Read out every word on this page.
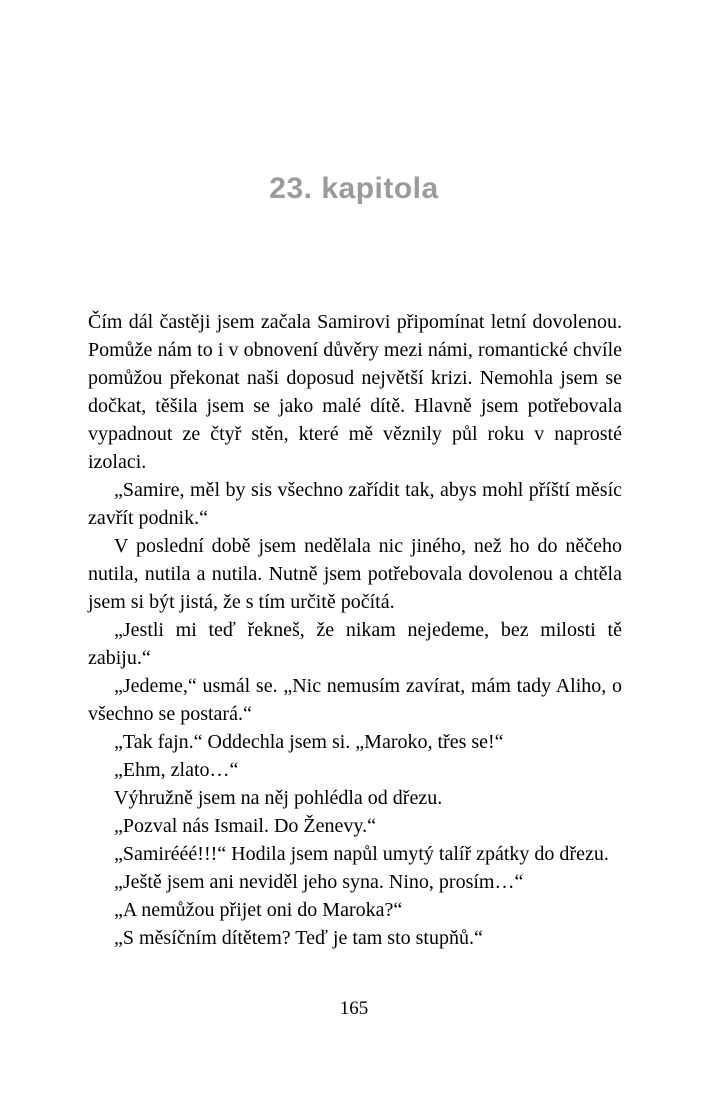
23. kapitola

Čím dál častěji jsem začala Samirovi připomínat letní dovolenou. Pomůže nám to i v obnovení důvěry mezi námi, romantické chvíle pomůžou překonat naši doposud největší krizi. Nemohla jsem se dočkat, těšila jsem se jako malé dítě. Hlavně jsem potřebovala vypadnout ze čtyř stěn, které mě věznily půl roku v naprosté izolaci.

„Samire, měl by sis všechno zařídit tak, abys mohl příští měsíc zavřít podnik.“

V poslední době jsem nedělala nic jiného, než ho do něčeho nutila, nutila a nutila. Nutně jsem potřebovala dovolenou a chtěla jsem si být jistá, že s tím určitě počítá.

„Jestli mi teď řekneš, že nikam nejedeme, bez milosti tě zabiju.“

„Jedeme,“ usmál se. „Nic nemusím zavírat, mám tady Aliho, o všechno se postará.“

„Tak fajn.“ Oddechla jsem si. „Maroko, třes se!“

„Ehm, zlato…“

Výhružně jsem na něj pohlédla od dřezu.

„Pozval nás Ismail. Do Ženevy.“

„Samirééé!!!“ Hodila jsem napůl umytý talíř zpátky do dřezu.

„Ještě jsem ani neviděl jeho syna. Nino, prosím…“

„A nemůžou přijet oni do Maroka?“

„S měsíčním dítětem? Teď je tam sto stupňů.“

165
